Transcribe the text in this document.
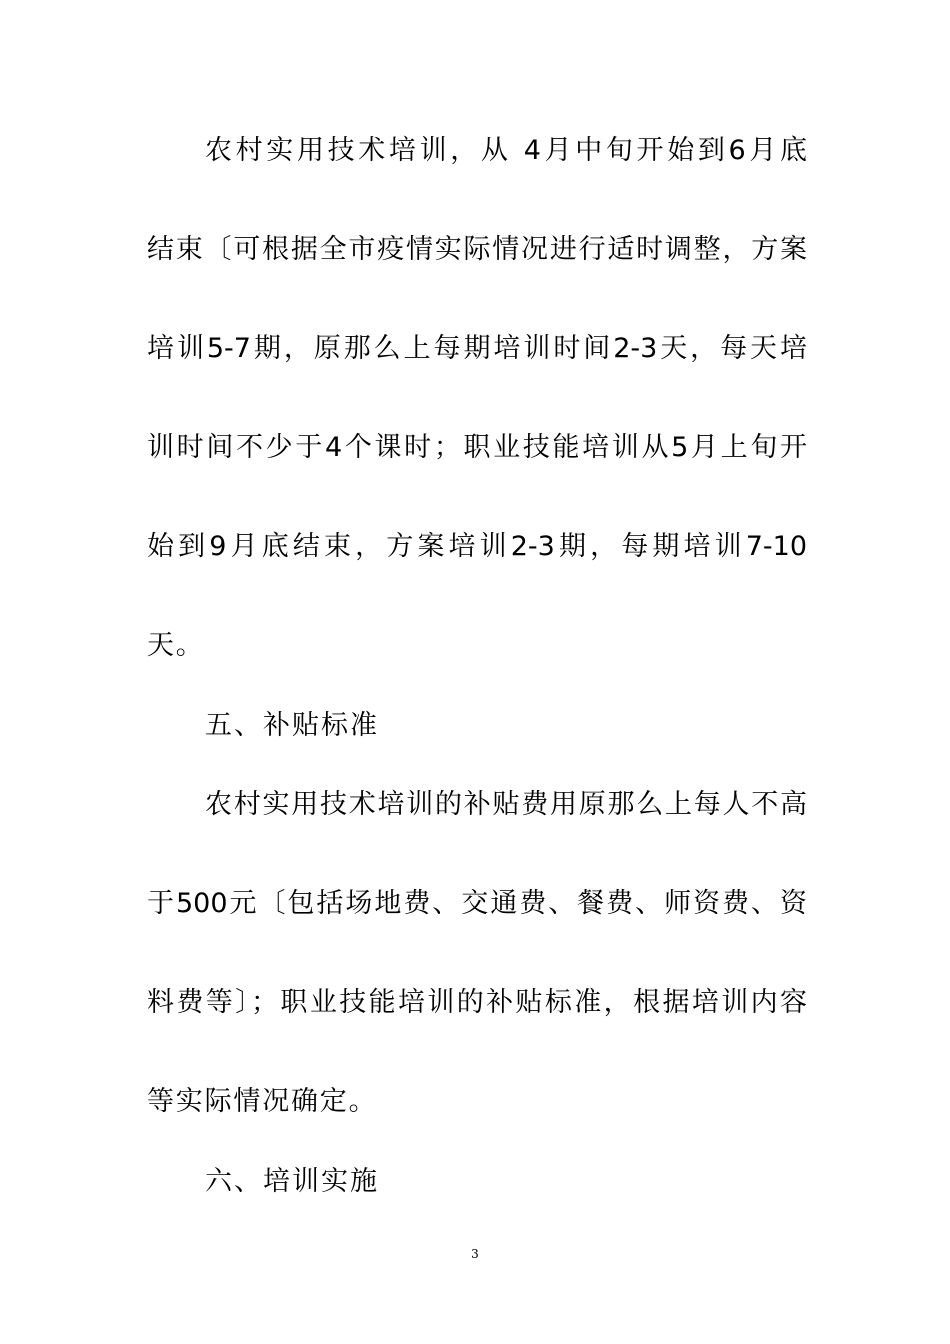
农村实用技术培训，从 4月中旬开始到6月底
结束〔可根据全市疫情实际情况进行适时调整，方案
培训5-7期，原那么上每期培训时间2-3天，每天培
训时间不少于4个课时；职业技能培训从5月上旬开
始到9月底结束，方案培训2-3期，每期培训7-10
天。
五、补贴标准
农村实用技术培训的补贴费用原那么上每人不高
于500元〔包括场地费、交通费、餐费、师资费、资
料费等〕；职业技能培训的补贴标准，根据培训内容
等实际情况确定。
六、培训实施
3
